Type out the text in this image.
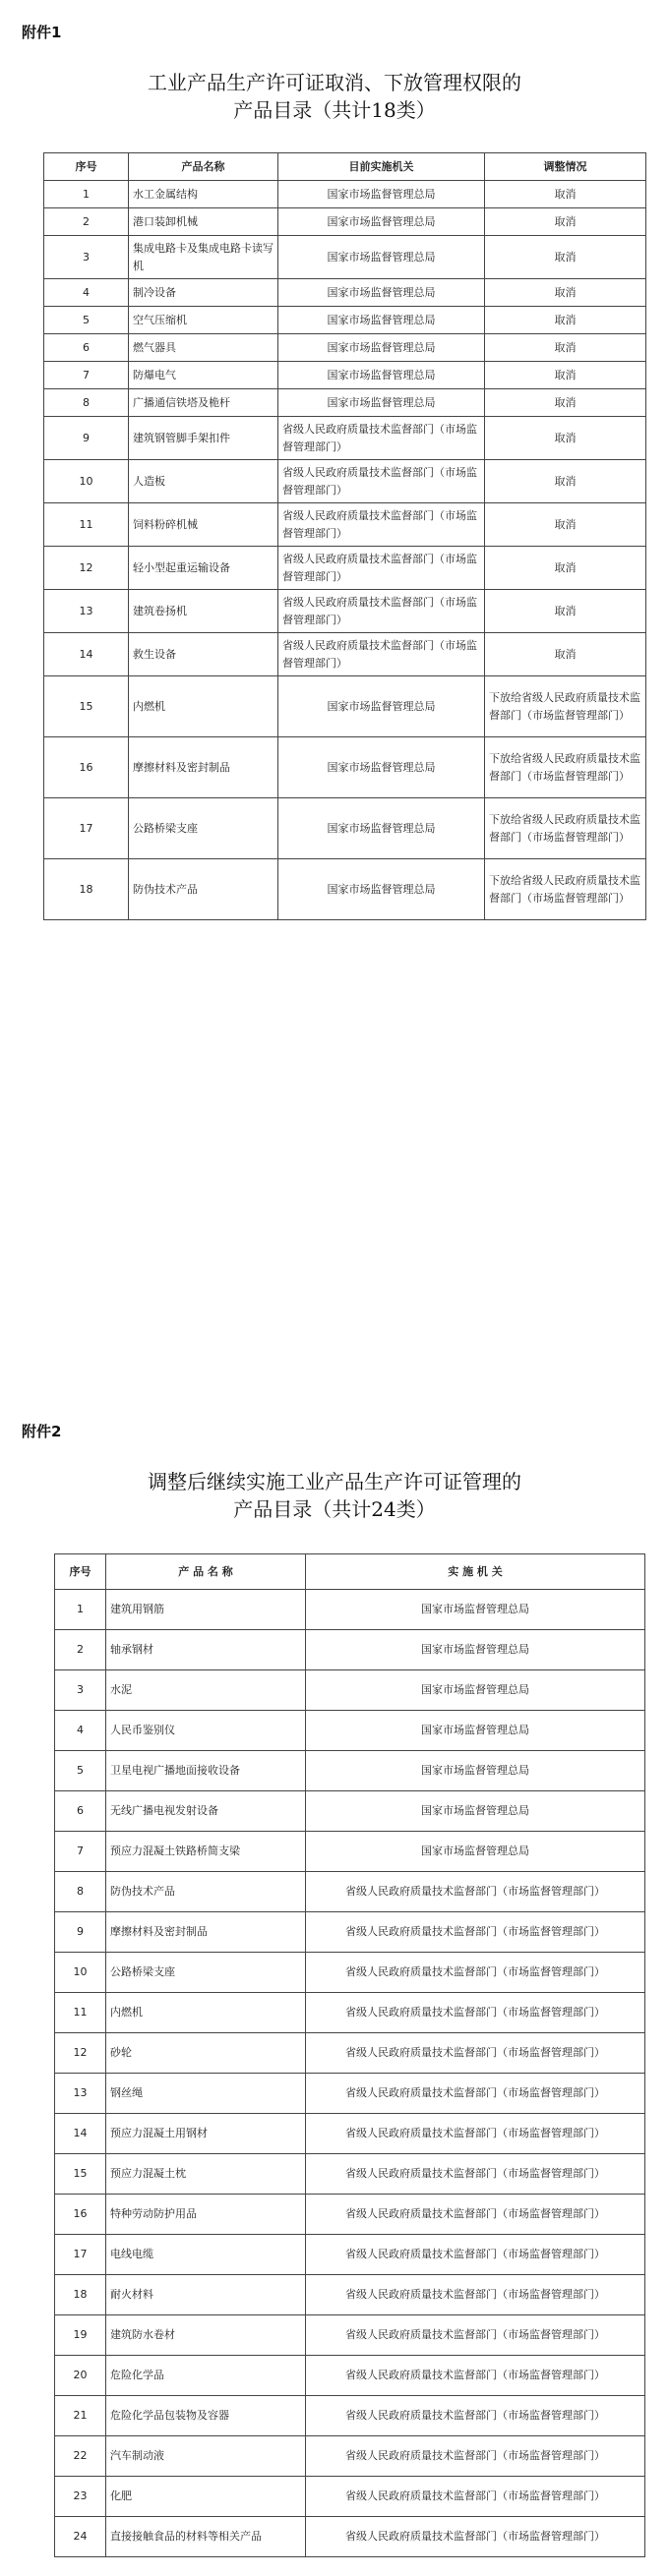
附件1
工业产品生产许可证取消、下放管理权限的
产品目录（共计18类）
序号	产品名称	目前实施机关	调整情况
1	水工金属结构	国家市场监督管理总局	取消
2	港口装卸机械	国家市场监督管理总局	取消
3	集成电路卡及集成电路卡读写机	国家市场监督管理总局	取消
4	制冷设备	国家市场监督管理总局	取消
5	空气压缩机	国家市场监督管理总局	取消
6	燃气器具	国家市场监督管理总局	取消
7	防爆电气	国家市场监督管理总局	取消
8	广播通信铁塔及桅杆	国家市场监督管理总局	取消
9	建筑钢管脚手架扣件	省级人民政府质量技术监督部门（市场监督管理部门）	取消
10	人造板	省级人民政府质量技术监督部门（市场监督管理部门）	取消
11	饲料粉碎机械	省级人民政府质量技术监督部门（市场监督管理部门）	取消
12	轻小型起重运输设备	省级人民政府质量技术监督部门（市场监督管理部门）	取消
13	建筑卷扬机	省级人民政府质量技术监督部门（市场监督管理部门）	取消
14	救生设备	省级人民政府质量技术监督部门（市场监督管理部门）	取消
15	内燃机	国家市场监督管理总局	下放给省级人民政府质量技术监督部门（市场监督管理部门）
16	摩擦材料及密封制品	国家市场监督管理总局	下放给省级人民政府质量技术监督部门（市场监督管理部门）
17	公路桥梁支座	国家市场监督管理总局	下放给省级人民政府质量技术监督部门（市场监督管理部门）
18	防伪技术产品	国家市场监督管理总局	下放给省级人民政府质量技术监督部门（市场监督管理部门）
附件2
调整后继续实施工业产品生产许可证管理的
产品目录（共计24类）
序号	产 品 名 称	实 施 机 关
1	建筑用钢筋	国家市场监督管理总局
2	轴承钢材	国家市场监督管理总局
3	水泥	国家市场监督管理总局
4	人民币鉴别仪	国家市场监督管理总局
5	卫星电视广播地面接收设备	国家市场监督管理总局
6	无线广播电视发射设备	国家市场监督管理总局
7	预应力混凝土铁路桥简支梁	国家市场监督管理总局
8	防伪技术产品	省级人民政府质量技术监督部门（市场监督管理部门）
9	摩擦材料及密封制品	省级人民政府质量技术监督部门（市场监督管理部门）
10	公路桥梁支座	省级人民政府质量技术监督部门（市场监督管理部门）
11	内燃机	省级人民政府质量技术监督部门（市场监督管理部门）
12	砂轮	省级人民政府质量技术监督部门（市场监督管理部门）
13	钢丝绳	省级人民政府质量技术监督部门（市场监督管理部门）
14	预应力混凝土用钢材	省级人民政府质量技术监督部门（市场监督管理部门）
15	预应力混凝土枕	省级人民政府质量技术监督部门（市场监督管理部门）
16	特种劳动防护用品	省级人民政府质量技术监督部门（市场监督管理部门）
17	电线电缆	省级人民政府质量技术监督部门（市场监督管理部门）
18	耐火材料	省级人民政府质量技术监督部门（市场监督管理部门）
19	建筑防水卷材	省级人民政府质量技术监督部门（市场监督管理部门）
20	危险化学品	省级人民政府质量技术监督部门（市场监督管理部门）
21	危险化学品包装物及容器	省级人民政府质量技术监督部门（市场监督管理部门）
22	汽车制动液	省级人民政府质量技术监督部门（市场监督管理部门）
23	化肥	省级人民政府质量技术监督部门（市场监督管理部门）
24	直接接触食品的材料等相关产品	省级人民政府质量技术监督部门（市场监督管理部门）
